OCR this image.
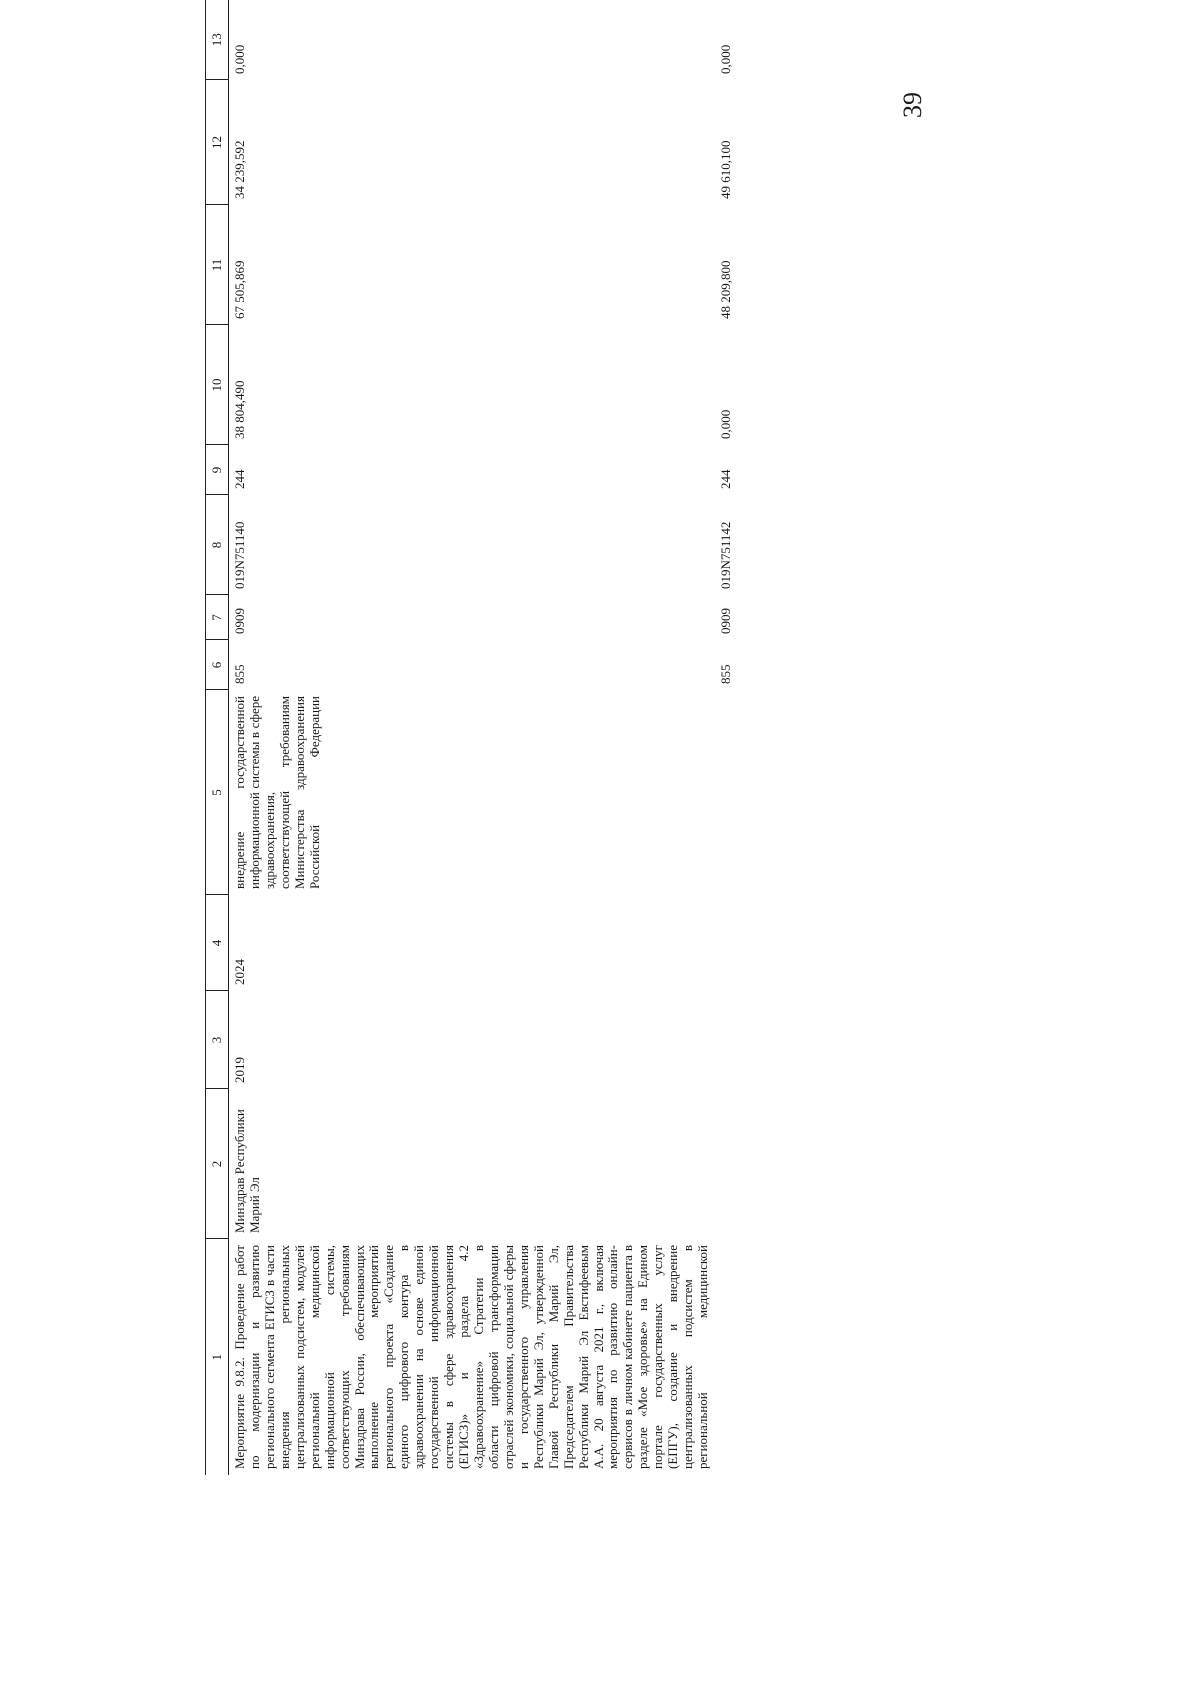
39
1	2	3	4	5	6	7	8	9	10	11	12	13
Мероприятие 9.8.2. Проведение работ по модернизации и развитию регионального сегмента ЕГИСЗ в части внедрения региональных централизованных подсистем, модулей региональной медицинской информационной системы, соответствующих требованиям Минздрава России, обеспечивающих выполнение мероприятий регионального проекта «Создание единого цифрового контура в здравоохранении на основе единой государственной информационной системы в сфере здравоохранения (ЕГИСЗ)» и раздела 4.2 «Здравоохранение» Стратегии в области цифровой трансформации отраслей экономики, социальной сферы и государственного управления Республики Марий Эл, утвержденной Главой Республики Марий Эл, Председателем Правительства Республики Марий Эл Евстифеевым А.А. 20 августа 2021 г., включая мероприятия по развитию онлайн-сервисов в личном кабинете пациента в разделе «Мое здоровье» на Едином портале государственных услуг (ЕПГУ), создание и внедрение централизованных подсистем в региональной медицинской	Минздрав Республики Марий Эл	2019	2024	внедрение государственной информационной системы в сфере здравоохранения, соответствующей требованиям Министерства здравоохранения Российской Федерации	855	0909	019N751140	244	38 804,490	67 505,869	34 239,592	0,000
					855	0909	019N751142	244	0,000	48 209,800	49 610,100	0,000
